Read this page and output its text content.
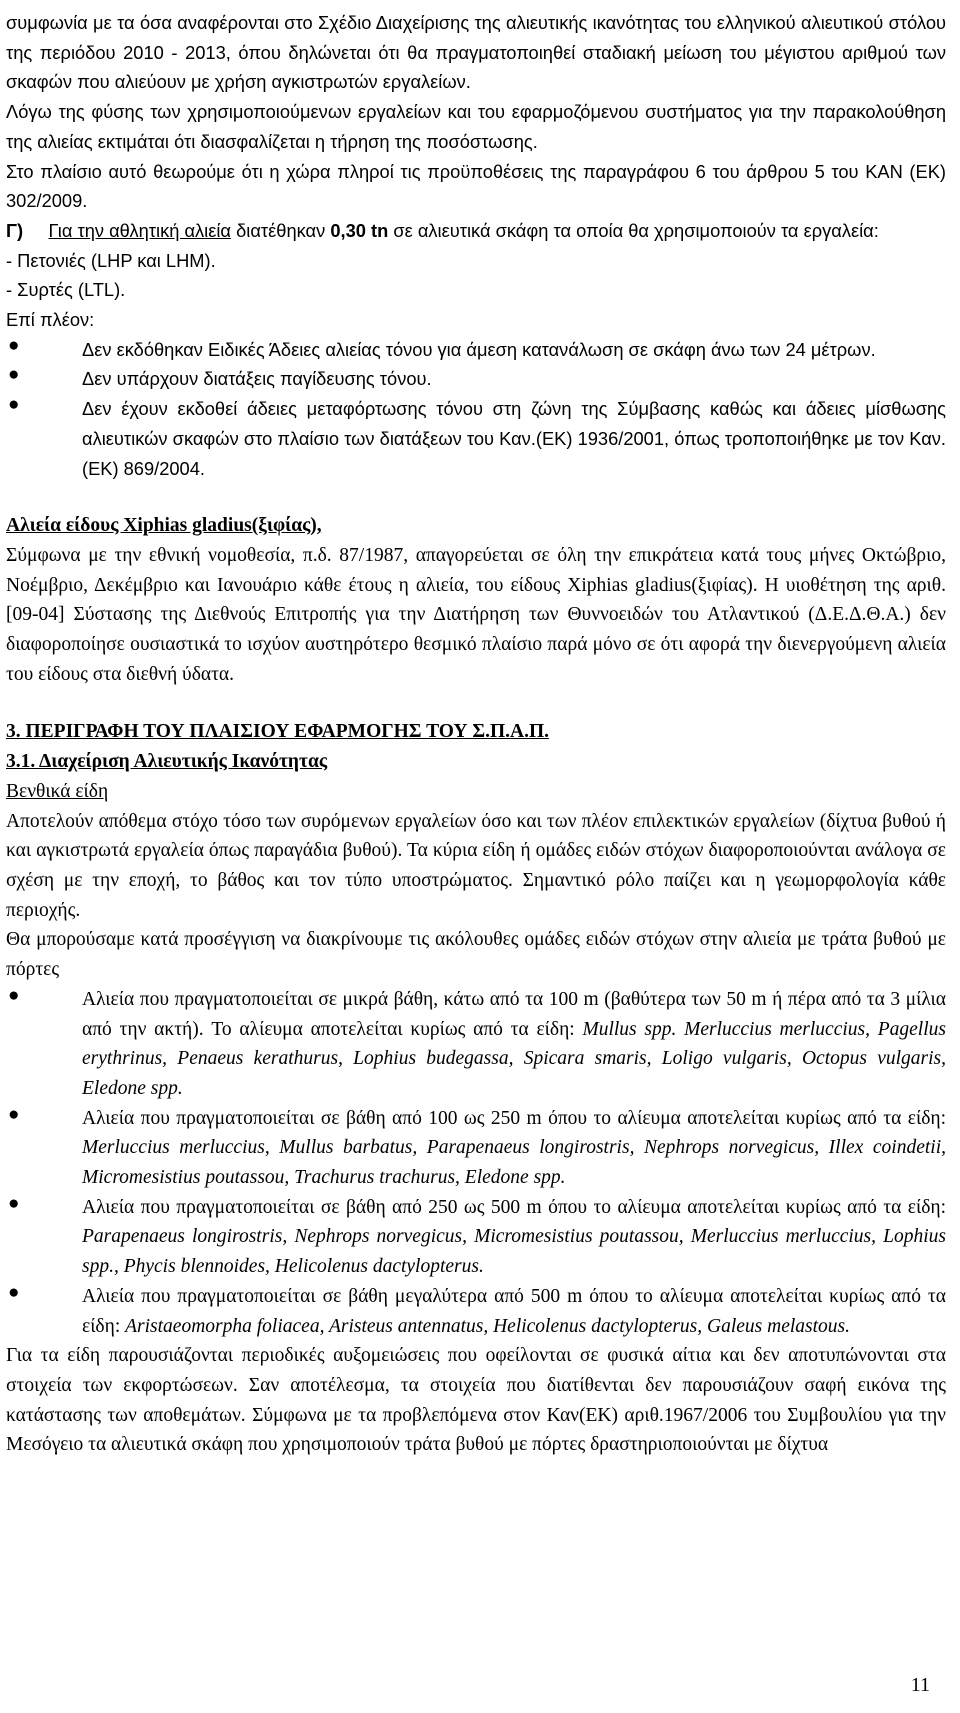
συμφωνία με τα όσα αναφέρονται στο Σχέδιο Διαχείρισης της αλιευτικής ικανότητας του ελληνικού αλιευτικού στόλου της περιόδου 2010 - 2013, όπου δηλώνεται ότι θα πραγματοποιηθεί σταδιακή μείωση του μέγιστου αριθμού των σκαφών που αλιεύουν με χρήση αγκιστρωτών εργαλείων.

Λόγω της φύσης των χρησιμοποιούμενων εργαλείων και του εφαρμοζόμενου συστήματος για την παρακολούθηση της αλιείας εκτιμάται ότι διασφαλίζεται η τήρηση της ποσόστωσης.

Στο πλαίσιο αυτό θεωρούμε ότι η χώρα πληροί τις προϋποθέσεις της παραγράφου 6 του άρθρου 5 του ΚΑΝ (ΕΚ) 302/2009.

Γ) Για την αθλητική αλιεία διατέθηκαν 0,30 tn σε αλιευτικά σκάφη τα οποία θα χρησιμοποιούν τα εργαλεία:

- Πετονιές (LHP και LHM).

- Συρτές (LTL).

Επί πλέον:

●	Δεν εκδόθηκαν Ειδικές Άδειες αλιείας τόνου για άμεση κατανάλωση σε σκάφη άνω των 24 μέτρων.

●	Δεν υπάρχουν διατάξεις παγίδευσης τόνου.

●	Δεν έχουν εκδοθεί άδειες μεταφόρτωσης τόνου στη ζώνη της Σύμβασης καθώς και άδειες μίσθωσης αλιευτικών σκαφών στο πλαίσιο των διατάξεων του Καν.(ΕΚ) 1936/2001, όπως τροποποιήθηκε με τον Καν.(ΕΚ) 869/2004.

Αλιεία είδους Xiphias gladius(ξιφίας),

Σύμφωνα με την εθνική νομοθεσία, π.δ. 87/1987, απαγορεύεται σε όλη την επικράτεια κατά τους μήνες Οκτώβριο, Νοέμβριο, Δεκέμβριο και Ιανουάριο κάθε έτους η αλιεία, του είδους Xiphias gladius(ξιφίας). Η υιοθέτηση της αριθ. [09-04] Σύστασης της Διεθνούς Επιτροπής για την Διατήρηση των Θυννοειδών του Ατλαντικού (Δ.Ε.Δ.Θ.Α.) δεν διαφοροποίησε ουσιαστικά το ισχύον αυστηρότερο θεσμικό πλαίσιο παρά μόνο σε ότι αφορά την διενεργούμενη αλιεία του είδους στα διεθνή ύδατα.

3. ΠΕΡΙΓΡΑΦΗ ΤΟΥ ΠΛΑΙΣΙΟΥ ΕΦΑΡΜΟΓΗΣ ΤΟΥ Σ.Π.Α.Π.

3.1. Διαχείριση Αλιευτικής Ικανότητας

Βενθικά είδη

Αποτελούν απόθεμα στόχο τόσο των συρόμενων εργαλείων όσο και των πλέον επιλεκτικών εργαλείων (δίχτυα βυθού ή και αγκιστρωτά εργαλεία όπως παραγάδια βυθού). Τα κύρια είδη ή ομάδες ειδών στόχων διαφοροποιούνται ανάλογα σε σχέση με την εποχή, το βάθος και τον τύπο υποστρώματος. Σημαντικό ρόλο παίζει και η γεωμορφολογία κάθε περιοχής.

Θα μπορούσαμε κατά προσέγγιση να διακρίνουμε τις ακόλουθες ομάδες ειδών στόχων στην αλιεία με τράτα βυθού με πόρτες

●	Αλιεία που πραγματοποιείται σε μικρά βάθη, κάτω από τα 100 m (βαθύτερα των 50 m ή πέρα από τα 3 μίλια από την ακτή). Το αλίευμα αποτελείται κυρίως από τα είδη: Mullus spp. Merluccius merluccius, Pagellus erythrinus, Penaeus kerathurus, Lophius budegassa, Spicara smaris, Loligo vulgaris, Octopus vulgaris, Eledone spp.

●	Αλιεία που πραγματοποιείται σε βάθη από 100 ως 250 m όπου το αλίευμα αποτελείται κυρίως από τα είδη: Merluccius merluccius, Mullus barbatus, Parapenaeus longirostris, Nephrops norvegicus, Illex coindetii, Micromesistius poutassou, Trachurus trachurus, Eledone spp.

●	Αλιεία που πραγματοποιείται σε βάθη από 250 ως 500 m όπου το αλίευμα αποτελείται κυρίως από τα είδη: Parapenaeus longirostris, Nephrops norvegicus, Micromesistius poutassou, Merluccius merluccius, Lophius spp., Phycis blennoides, Helicolenus dactylopterus.

●	Αλιεία που πραγματοποιείται σε βάθη μεγαλύτερα από 500 m όπου το αλίευμα αποτελείται κυρίως από τα είδη: Aristaeomorpha foliacea, Aristeus antennatus, Helicolenus dactylopterus, Galeus melastous.

Για τα είδη παρουσιάζονται περιοδικές αυξομειώσεις που οφείλονται σε φυσικά αίτια και δεν αποτυπώνονται στα στοιχεία των εκφορτώσεων. Σαν αποτέλεσμα, τα στοιχεία που διατίθενται δεν παρουσιάζουν σαφή εικόνα της κατάστασης των αποθεμάτων. Σύμφωνα με τα προβλεπόμενα στον Καν(ΕΚ) αριθ.1967/2006 του Συμβουλίου για την Μεσόγειο τα αλιευτικά σκάφη που χρησιμοποιούν τράτα βυθού με πόρτες δραστηριοποιούνται με δίχτυα

11
